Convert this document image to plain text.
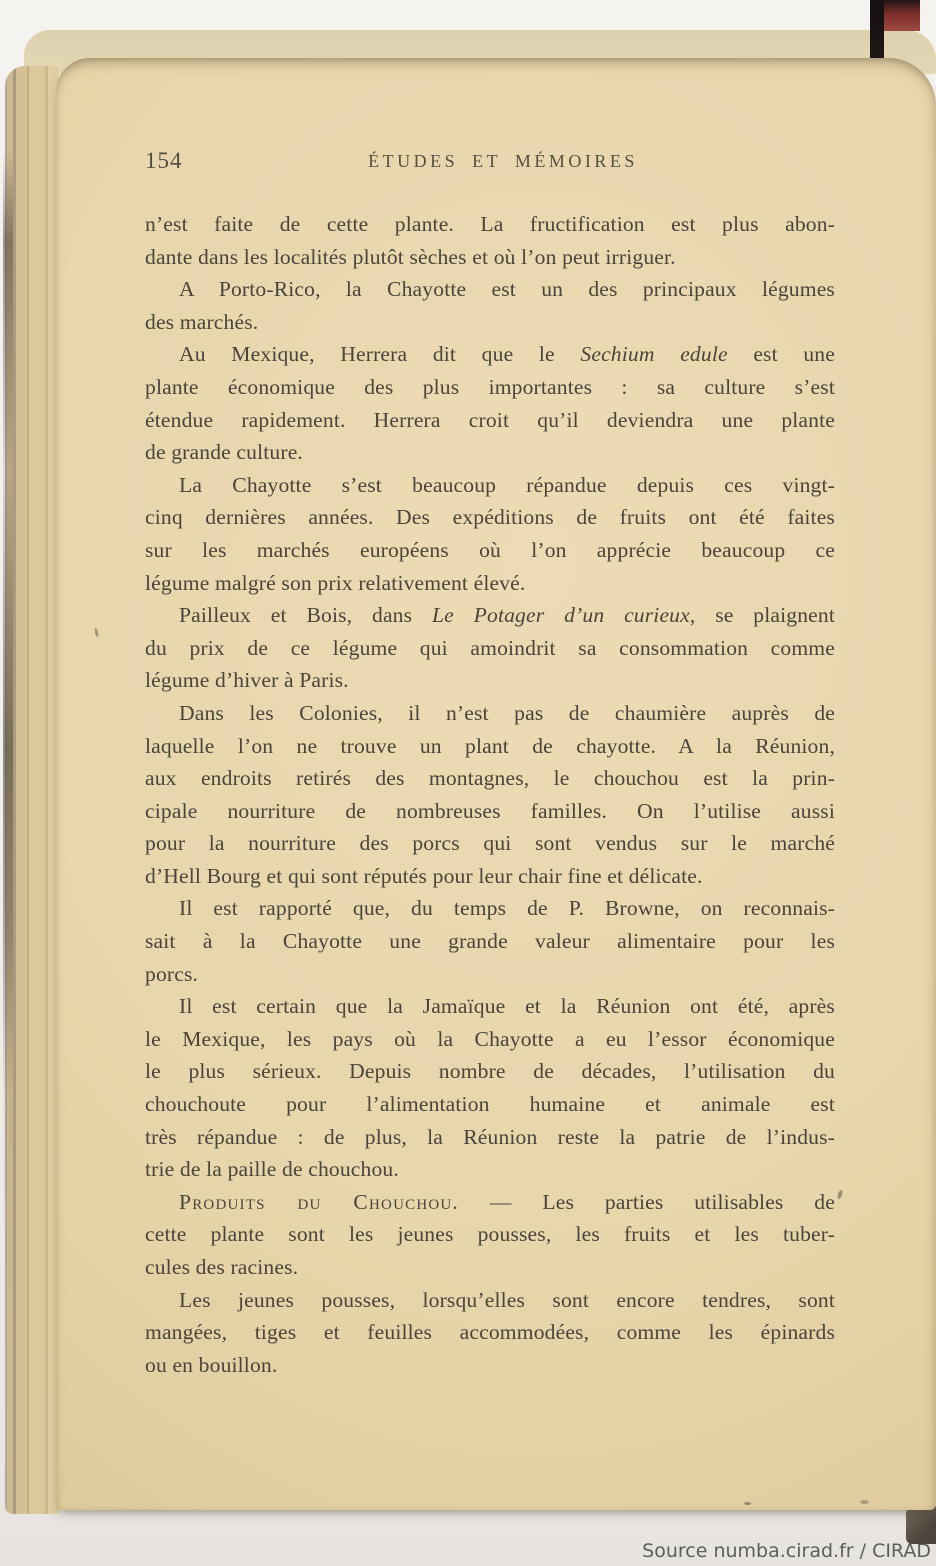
154	ÉTUDES ET MÉMOIRES
n’est faite de cette plante. La fructification est plus abon-
dante dans les localités plutôt sèches et où l’on peut irriguer.
A Porto-Rico, la Chayotte est un des principaux légumes
des marchés.
Au Mexique, Herrera dit que le Sechium edule est une
plante économique des plus importantes : sa culture s’est
étendue rapidement. Herrera croit qu’il deviendra une plante
de grande culture.
La Chayotte s’est beaucoup répandue depuis ces vingt-
cinq dernières années. Des expéditions de fruits ont été faites
sur les marchés européens où l’on apprécie beaucoup ce
légume malgré son prix relativement élevé.
Pailleux et Bois, dans Le Potager d’un curieux, se plaignent
du prix de ce légume qui amoindrit sa consommation comme
légume d’hiver à Paris.
Dans les Colonies, il n’est pas de chaumière auprès de
laquelle l’on ne trouve un plant de chayotte. A la Réunion,
aux endroits retirés des montagnes, le chouchou est la prin-
cipale nourriture de nombreuses familles. On l’utilise aussi
pour la nourriture des porcs qui sont vendus sur le marché
d’Hell Bourg et qui sont réputés pour leur chair fine et délicate.
Il est rapporté que, du temps de P. Browne, on reconnais-
sait à la Chayotte une grande valeur alimentaire pour les
porcs.
Il est certain que la Jamaïque et la Réunion ont été, après
le Mexique, les pays où la Chayotte a eu l’essor économique
le plus sérieux. Depuis nombre de décades, l’utilisation du
chouchoute pour l’alimentation humaine et animale est
très répandue : de plus, la Réunion reste la patrie de l’indus-
trie de la paille de chouchou.
Produits du Chouchou. — Les parties utilisables de
cette plante sont les jeunes pousses, les fruits et les tuber-
cules des racines.
Les jeunes pousses, lorsqu’elles sont encore tendres, sont
mangées, tiges et feuilles accommodées, comme les épinards
ou en bouillon.
Source numba.cirad.fr / CIRAD
